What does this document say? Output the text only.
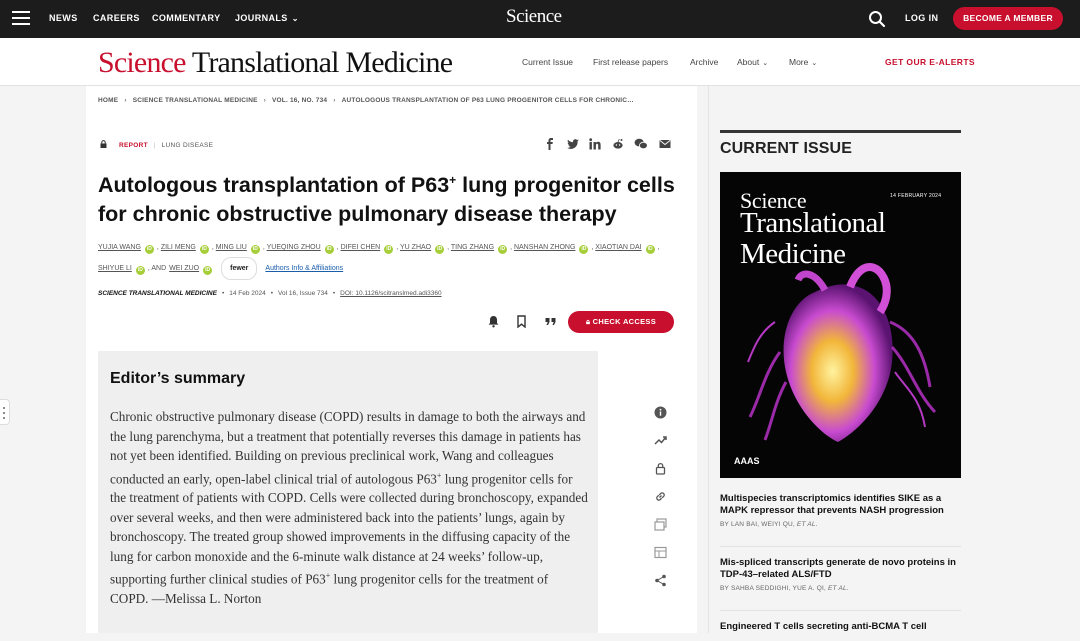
NEWS CAREERS COMMENTARY JOURNALS ⌄	Science	LOG IN	BECOME A MEMBER
Science Translational Medicine	Current Issue First release papers	Archive About ⌄ More ⌄	GET OUR E-ALERTS
HOME › SCIENCE TRANSLATIONAL MEDICINE › VOL. 16, NO. 734 › AUTOLOGOUS TRANSPLANTATION OF P63 LUNG PROGENITOR CELLS FOR CHRONIC…
REPORT | LUNG DISEASE
Autologous transplantation of P63+ lung progenitor cells for chronic obstructive pulmonary disease therapy
YUJIA WANG iD , ZILI MENG iD , MING LIU iD , YUEQING ZHOU iD , DIFEI CHEN iD , YU ZHAO iD , TING ZHANG iD , NANSHAN ZHONG iD , XIAOTIAN DAI iD , SHIYUE LI iD , AND WEI ZUO iD	fewer Authors Info & Affiliations
SCIENCE TRANSLATIONAL MEDICINE • 14 Feb 2024 • Vol 16, Issue 734 • DOI: 10.1126/scitranslmed.adi3360
🔒︎ CHECK ACCESS
Editor’s summary

Chronic obstructive pulmonary disease (COPD) results in damage to both the airways and the lung parenchyma, but a treatment that potentially reverses this damage in patients has not yet been identified. Building on previous preclinical work, Wang and colleagues conducted an early, open-label clinical trial of autologous P63+ lung progenitor cells for the treatment of patients with COPD. Cells were collected during bronchoscopy, expanded over several weeks, and then were administered back into the patients’ lungs, again by bronchoscopy. The treated group showed improvements in the diffusing capacity of the lung for carbon monoxide and the 6-minute walk distance at 24 weeks’ follow-up, supporting further clinical studies of P63+ lung progenitor cells for the treatment of COPD. —Melissa L. Norton

CURRENT ISSUE
Science
Translational Medicine
14 FEBRUARY 2024
AAAS
Multispecies transcriptomics identifies SIKE as a MAPK repressor that prevents NASH progression
BY LAN BAI, WEIYI QU, ET AL.
Mis-spliced transcripts generate de novo proteins in TDP-43–related ALS/FTD
BY SAHBA SEDDIGHI, YUE A. QI, ET AL.
Engineered T cells secreting anti-BCMA T cell
